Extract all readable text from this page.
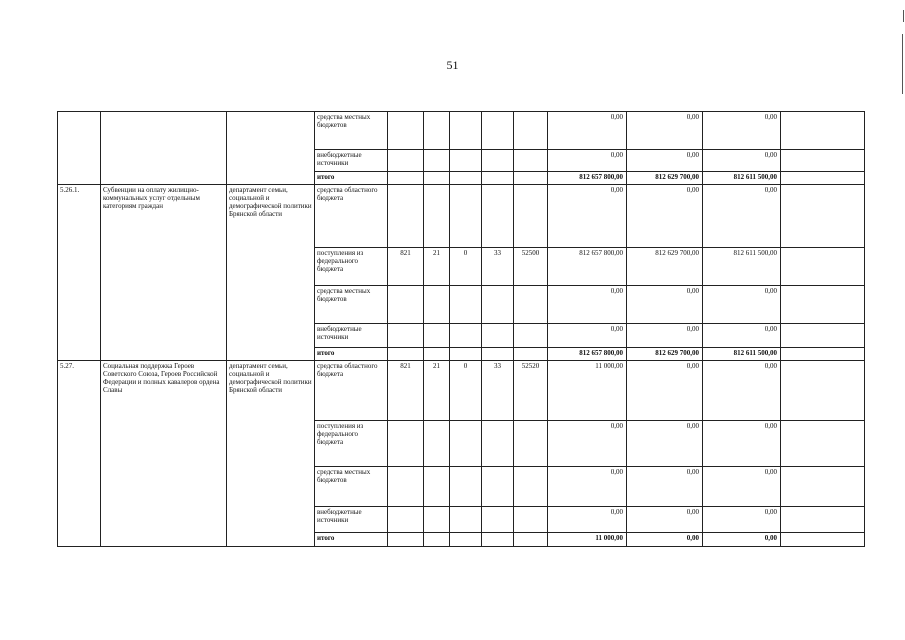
51
			средства местных бюджетов						0,00	0,00	0,00	
			внебюджетные источники						0,00	0,00	0,00	
			итого						812 657 800,00	812 629 700,00	812 611 500,00	
5.26.1.	Субвенции на оплату жилищно-коммунальных услуг отдельным категориям граждан	департамент семьи, социальной и демографической политики Брянской области	средства областного бюджета						0,00	0,00	0,00	
			поступления из федерального бюджета	821	21	0	33	52500	812 657 800,00	812 629 700,00	812 611 500,00	
			средства местных бюджетов						0,00	0,00	0,00	
			внебюджетные источники						0,00	0,00	0,00	
			итого						812 657 800,00	812 629 700,00	812 611 500,00	
5.27.	Социальная поддержка Героев Советского Союза, Героев Российской Федерации и полных кавалеров ордена Славы	департамент семьи, социальной и демографической политики Брянской области	средства областного бюджета	821	21	0	33	52520	11 000,00	0,00	0,00	
			поступления из федерального бюджета						0,00	0,00	0,00	
			средства местных бюджетов						0,00	0,00	0,00	
			внебюджетные источники						0,00	0,00	0,00	
			итого						11 000,00	0,00	0,00	
